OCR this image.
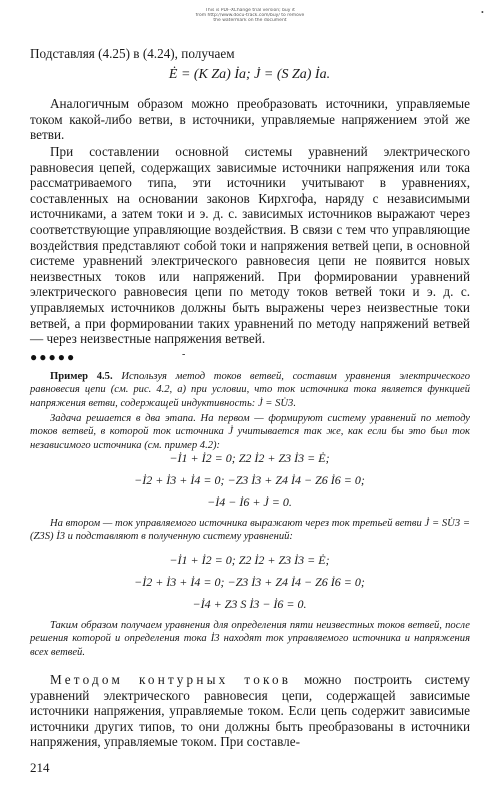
This is PDF-XChange trial version; buy it
from http://www.docu-track.com/buy/ to remove
the watermark on the document
•
Подставляя (4.25) в (4.24), получаем
Ė = (K Za) İa; J̇ = (S Za) İa.
Аналогичным образом можно преобразовать источники, управляемые током какой-либо ветви, в источники, управляемые напряжением этой же ветви.
При составлении основной системы уравнений электрического равновесия цепей, содержащих зависимые источники напряжения или тока рассматриваемого типа, эти источники учитывают в уравнениях, составленных на основании законов Кирхгофа, наряду с независимыми источниками, а затем токи и э. д. с. зависимых источников выражают через соответствующие управляющие воздействия. В связи с тем что управляющие воздействия представляют собой токи и напряжения ветвей цепи, в основной системе уравнений электрического равновесия цепи не появится новых неизвестных токов или напряжений. При формировании уравнений электрического равновесия цепи по методу токов ветвей токи и э. д. с. управляемых источников должны быть выражены через неизвестные токи ветвей, а при формировании таких уравнений по методу напряжений ветвей — через неизвестные напряжения ветвей.
●●●●●	-
Пример 4.5. Используя метод токов ветвей, составим уравнения электрического равновесия цепи (см. рис. 4.2, а) при условии, что ток источника тока является функцией напряжения ветви, содержащей индуктивность: J̇ = SU̇3.
Задача решается в два этапа. На первом — формируют систему уравнений по методу токов ветвей, в которой ток источника J̇ учитывается так же, как если бы это был ток независимого источника (см. пример 4.2):
−İ1 + İ2 = 0; Z2 İ2 + Z3 İ3 = Ė;
−İ2 + İ3 + İ4 = 0; −Z3 İ3 + Z4 İ4 − Z6 İ6 = 0;
−İ4 − İ6 + J̇ = 0.
На втором — ток управляемого источника выражают через ток третьей ветви J̇ = SU̇3 = (Z3S) İ3 и подставляют в полученную систему уравнений:
−İ1 + İ2 = 0; Z2 İ2 + Z3 İ3 = Ė;
−İ2 + İ3 + İ4 = 0; −Z3 İ3 + Z4 İ4 − Z6 İ6 = 0;
−İ4 + Z3 S İ3 − İ6 = 0.
Таким образом получаем уравнения для определения пяти неизвестных токов ветвей, после решения которой и определения тока İ3 находят ток управляемого источника и напряжения всех ветвей.
Методом контурных токов можно построить систему уравнений электрического равновесия цепи, содержащей зависимые источники напряжения, управляемые током. Если цепь содержит зависимые источники других типов, то они должны быть преобразованы в источники напряжения, управляемые током. При составле-
214
